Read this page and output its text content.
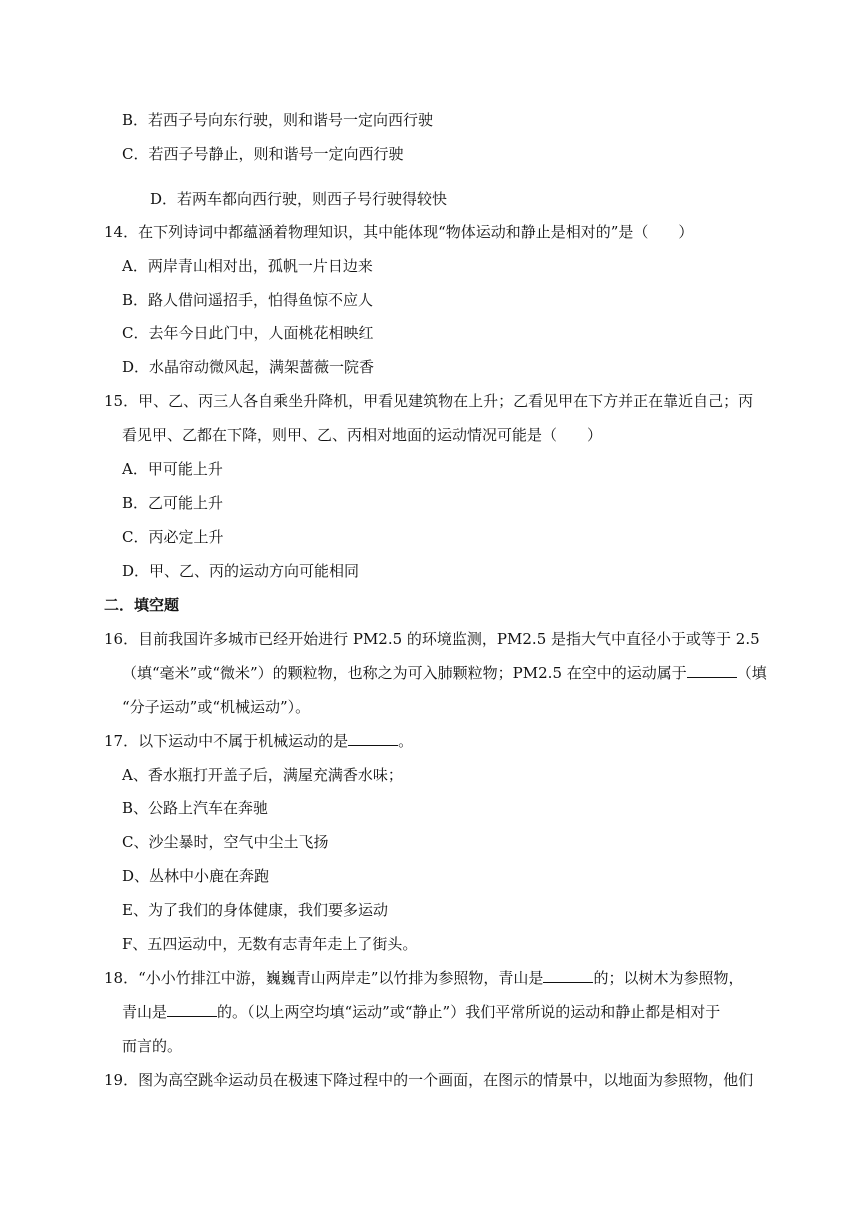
B．若西子号向东行驶，则和谐号一定向西行驶
C．若西子号静止，则和谐号一定向西行驶
D．若两车都向西行驶，则西子号行驶得较快
14．在下列诗词中都蕴涵着物理知识，其中能体现“物体运动和静止是相对的”是（　　）
A．两岸青山相对出，孤帆一片日边来
B．路人借问遥招手，怕得鱼惊不应人
C．去年今日此门中，人面桃花相映红
D．水晶帘动微风起，满架蔷薇一院香
15．甲、乙、丙三人各自乘坐升降机，甲看见建筑物在上升；乙看见甲在下方并正在靠近自己；丙
看见甲、乙都在下降，则甲、乙、丙相对地面的运动情况可能是（　　）
A．甲可能上升
B．乙可能上升
C．丙必定上升
D．甲、乙、丙的运动方向可能相同
二．填空题
16．目前我国许多城市已经开始进行 PM2.5 的环境监测，PM2.5 是指大气中直径小于或等于 2.5
（填“毫米”或“微米”）的颗粒物，也称之为可入肺颗粒物；PM2.5 在空中的运动属于	（填
“分子运动”或“机械运动”）。
17．以下运动中不属于机械运动的是	。
A、香水瓶打开盖子后，满屋充满香水味；
B、公路上汽车在奔驰
C、沙尘暴时，空气中尘土飞扬
D、丛林中小鹿在奔跑
E、为了我们的身体健康，我们要多运动
F、五四运动中，无数有志青年走上了街头。
18．“小小竹排江中游，巍巍青山两岸走”以竹排为参照物，青山是	的；以树木为参照物，
青山是	的。（以上两空均填“运动”或“静止”）我们平常所说的运动和静止都是相对于
而言的。
19．图为高空跳伞运动员在极速下降过程中的一个画面，在图示的情景中，以地面为参照物，他们
